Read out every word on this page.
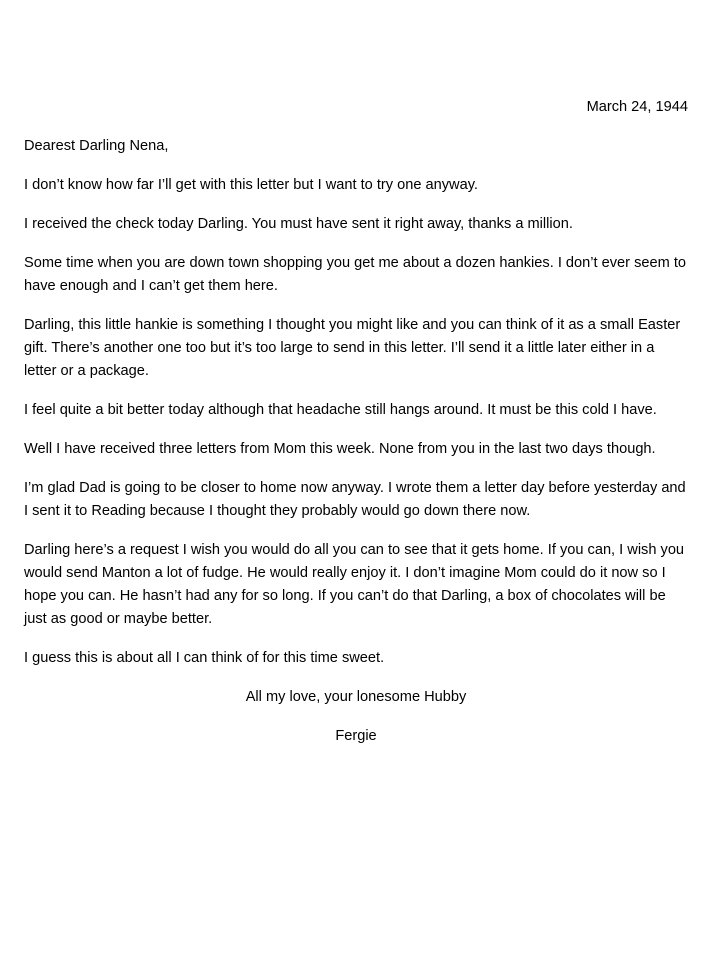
March 24, 1944

Dearest Darling Nena,

I don’t know how far I’ll get with this letter but I want to try one anyway.

I received the check today Darling. You must have sent it right away, thanks a million.

Some time when you are down town shopping you get me about a dozen hankies. I don’t ever seem to have enough and I can’t get them here.

Darling, this little hankie is something I thought you might like and you can think of it as a small Easter gift. There’s another one too but it’s too large to send in this letter. I’ll send it a little later either in a letter or a package.

I feel quite a bit better today although that headache still hangs around. It must be this cold I have.

Well I have received three letters from Mom this week. None from you in the last two days though.

I’m glad Dad is going to be closer to home now anyway. I wrote them a letter day before yesterday and I sent it to Reading because I thought they probably would go down there now.

Darling here’s a request I wish you would do all you can to see that it gets home. If you can, I wish you would send Manton a lot of fudge. He would really enjoy it. I don’t imagine Mom could do it now so I hope you can. He hasn’t had any for so long. If you can’t do that Darling, a box of chocolates will be just as good or maybe better.

I guess this is about all I can think of for this time sweet.

All my love, your lonesome Hubby

Fergie
